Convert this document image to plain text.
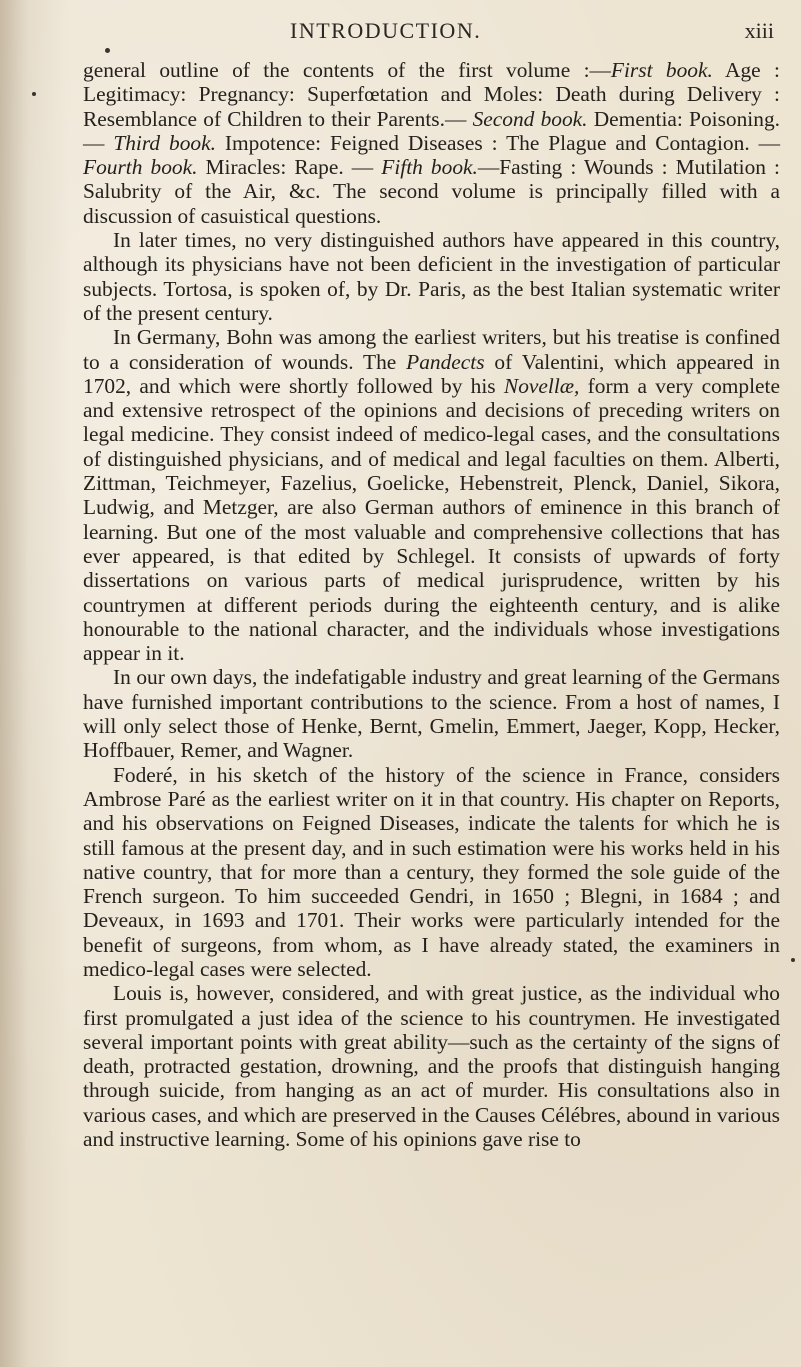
INTRODUCTION.	xiii

general outline of the contents of the first volume :—First book. Age : Legitimacy: Pregnancy: Superfœtation and Moles: Death during Delivery : Resemblance of Children to their Parents.— Second book. Dementia: Poisoning. — Third book. Impotence: Feigned Diseases : The Plague and Contagion. — Fourth book. Miracles: Rape. — Fifth book.—Fasting : Wounds : Mutilation : Salubrity of the Air, &c. The second volume is principally filled with a discussion of casuistical questions.

In later times, no very distinguished authors have appeared in this country, although its physicians have not been deficient in the investigation of particular subjects. Tortosa, is spoken of, by Dr. Paris, as the best Italian systematic writer of the present century.

In Germany, Bohn was among the earliest writers, but his treatise is confined to a consideration of wounds. The Pandects of Valentini, which appeared in 1702, and which were shortly followed by his Novellæ, form a very complete and extensive retrospect of the opinions and decisions of preceding writers on legal medicine. They consist indeed of medico-legal cases, and the consultations of distinguished physicians, and of medical and legal faculties on them. Alberti, Zittman, Teichmeyer, Fazelius, Goelicke, Hebenstreit, Plenck, Daniel, Sikora, Ludwig, and Metzger, are also German authors of eminence in this branch of learning. But one of the most valuable and comprehensive collections that has ever appeared, is that edited by Schlegel. It consists of upwards of forty dissertations on various parts of medical jurisprudence, written by his countrymen at different periods during the eighteenth century, and is alike honourable to the national character, and the individuals whose investigations appear in it.

In our own days, the indefatigable industry and great learning of the Germans have furnished important contributions to the science. From a host of names, I will only select those of Henke, Bernt, Gmelin, Emmert, Jaeger, Kopp, Hecker, Hoffbauer, Remer, and Wagner.

Foderé, in his sketch of the history of the science in France, considers Ambrose Paré as the earliest writer on it in that country. His chapter on Reports, and his observations on Feigned Diseases, indicate the talents for which he is still famous at the present day, and in such estimation were his works held in his native country, that for more than a century, they formed the sole guide of the French surgeon. To him succeeded Gendri, in 1650 ; Blegni, in 1684 ; and Deveaux, in 1693 and 1701. Their works were particularly intended for the benefit of surgeons, from whom, as I have already stated, the examiners in medico-legal cases were selected.

Louis is, however, considered, and with great justice, as the individual who first promulgated a just idea of the science to his countrymen. He investigated several important points with great ability—such as the certainty of the signs of death, protracted gestation, drowning, and the proofs that distinguish hanging through suicide, from hanging as an act of murder. His consultations also in various cases, and which are preserved in the Causes Célébres, abound in various and instructive learning. Some of his opinions gave rise to
